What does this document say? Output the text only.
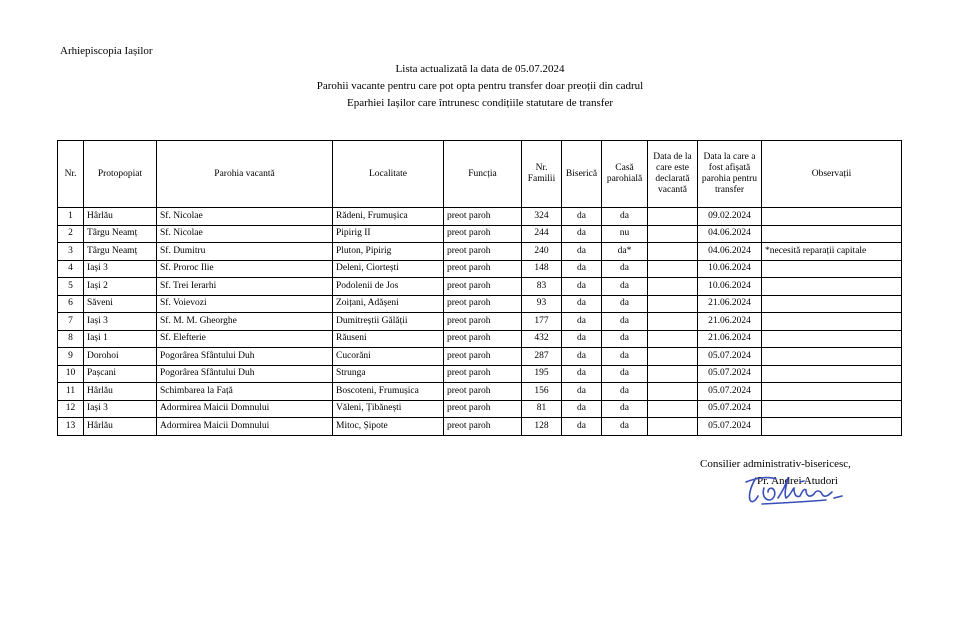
Arhiepiscopia Iașilor
Lista actualizată la data de 05.07.2024
Parohii vacante pentru care pot opta pentru transfer doar preoții din cadrul
Eparhiei Iașilor care întrunesc condițiile statutare de transfer
Nr.	Protopopiat	Parohia vacantă	Localitate	Funcția	Nr. Familii	Biserică	Casă parohială	Data de la care este declarată vacantă	Data la care a fost afișată parohia pentru transfer	Observații
1	Hârlău	Sf. Nicolae	Rădeni, Frumușica	preot paroh	324	da	da		09.02.2024	
2	Târgu Neamț	Sf. Nicolae	Pipirig II	preot paroh	244	da	nu		04.06.2024	
3	Târgu Neamț	Sf. Dumitru	Pluton, Pipirig	preot paroh	240	da	da*		04.06.2024	*necesită reparații capitale
4	Iași 3	Sf. Proroc Ilie	Deleni, Ciortești	preot paroh	148	da	da		10.06.2024	
5	Iași 2	Sf. Trei Ierarhi	Podolenii de Jos	preot paroh	83	da	da		10.06.2024	
6	Săveni	Sf. Voievozi	Zoițani, Adășeni	preot paroh	93	da	da		21.06.2024	
7	Iași 3	Sf. M. M. Gheorghe	Dumitreștii Gălății	preot paroh	177	da	da		21.06.2024	
8	Iași 1	Sf. Elefterie	Răuseni	preot paroh	432	da	da		21.06.2024	
9	Dorohoi	Pogorârea Sfântului Duh	Cucorăni	preot paroh	287	da	da		05.07.2024	
10	Pașcani	Pogorârea Sfântului Duh	Strunga	preot paroh	195	da	da		05.07.2024	
11	Hârlău	Schimbarea la Față	Boscoteni, Frumușica	preot paroh	156	da	da		05.07.2024	
12	Iași 3	Adormirea Maicii Domnului	Văleni, Țibănești	preot paroh	81	da	da		05.07.2024	
13	Hârlău	Adormirea Maicii Domnului	Mitoc, Șipote	preot paroh	128	da	da		05.07.2024	
Consilier administrativ-bisericesc,
Pr. Andrei Atudori
